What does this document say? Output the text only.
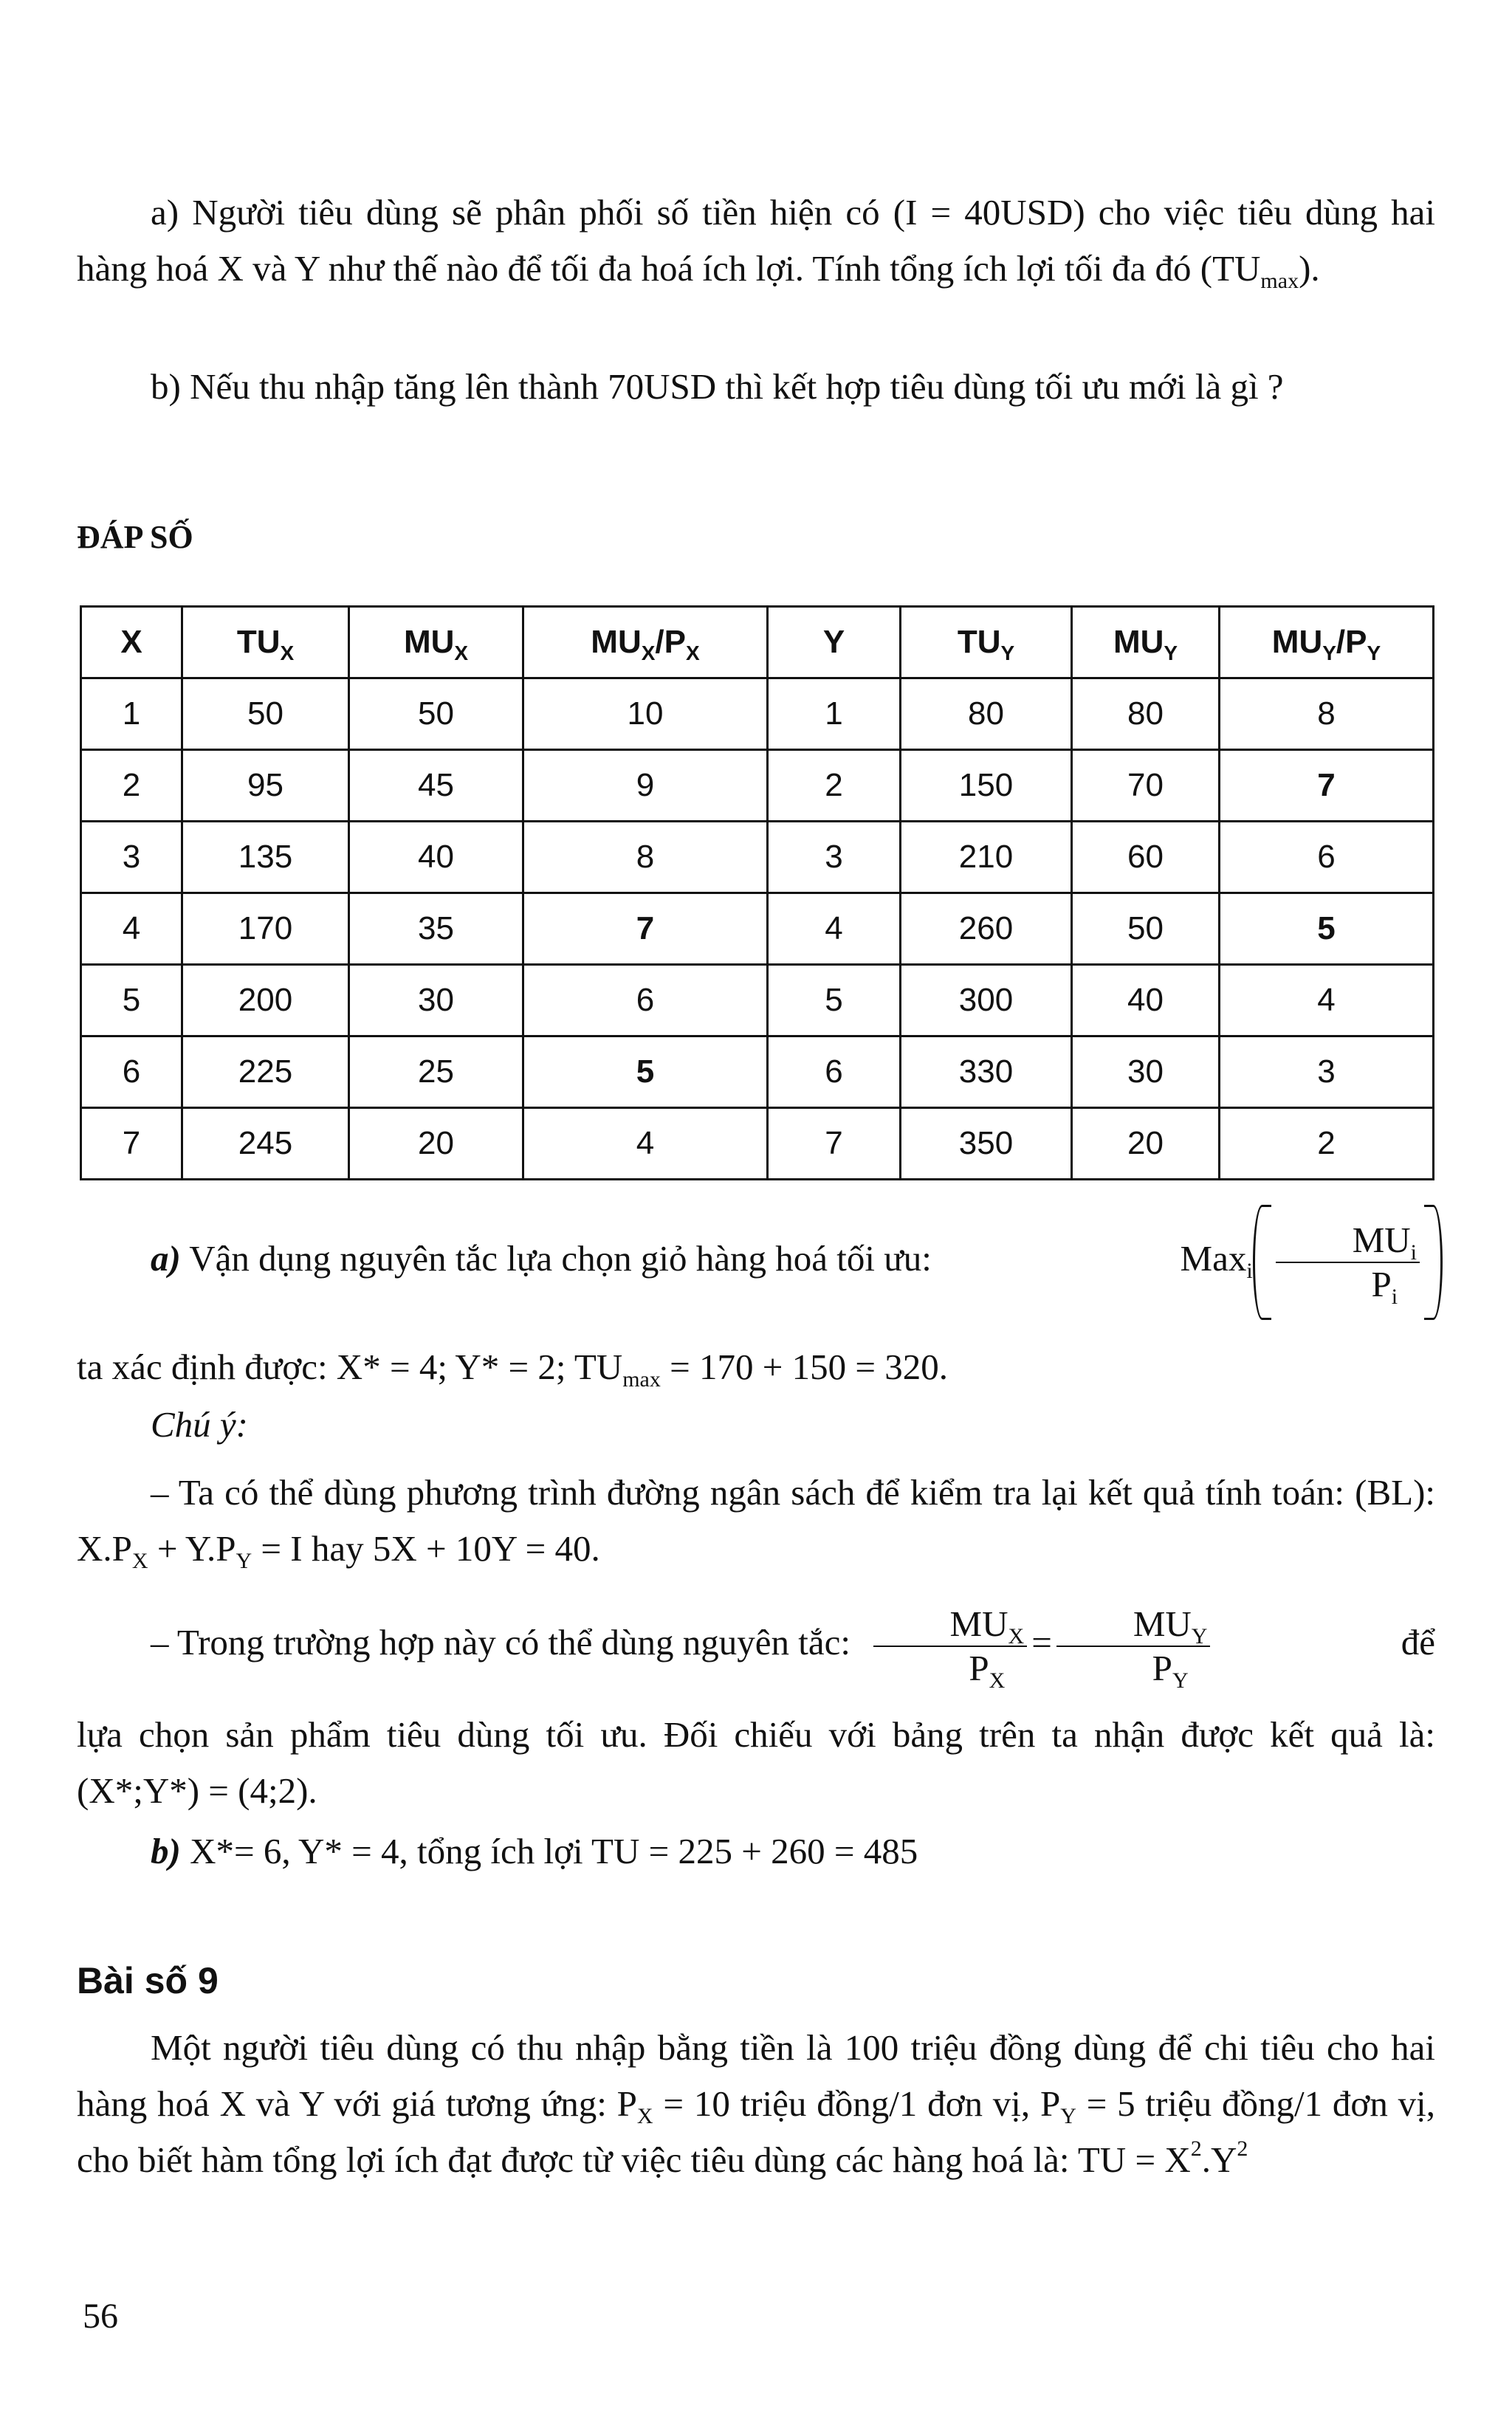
a) Người tiêu dùng sẽ phân phối số tiền hiện có (I = 40USD) cho việc tiêu dùng hai hàng hoá X và Y như thế nào để tối đa hoá ích lợi. Tính tổng ích lợi tối đa đó $(TU_{max})$.

b) Nếu thu nhập tăng lên thành 70USD thì kết hợp tiêu dùng tối ưu mới là gì ?

ĐÁP SỐ

X	$TU_X$	$MU_X$	$MU_X/P_X$	Y	$TU_Y$	$MU_Y$	$MU_Y/P_Y$
1	50	50	10	1	80	80	8
2	95	45	9	2	150	70	7
3	135	40	8	3	210	60	6
4	170	35	7	4	260	50	5
5	200	30	6	5	300	40	4
6	225	25	5	6	330	30	3
7	245	20	4	7	350	20	2

a) Vận dụng nguyên tắc lựa chọn giỏ hàng hoá tối ưu:	$Max_i \frac{MU_i}{P_i}$

ta xác định được: X* = 4; Y* = 2; $TU_{max} = 170 + 150 = 320$.

Chú ý:

– Ta có thể dùng phương trình đường ngân sách để kiểm tra lại kết quả tính toán: (BL): $X.P_X + Y.P_Y = I$ hay 5X + 10Y = 40.

– Trong trường hợp này có thể dùng nguyên tắc: $\frac{MU_X}{P_X} = \frac{MU_Y}{P_Y}$	để

lựa chọn sản phẩm tiêu dùng tối ưu. Đối chiếu với bảng trên ta nhận được kết quả là: (X*;Y*) = (4;2).

b) X*= 6, Y* = 4, tổng ích lợi TU = 225 + 260 = 485

Bài số 9

Một người tiêu dùng có thu nhập bằng tiền là 100 triệu đồng dùng để chi tiêu cho hai hàng hoá X và Y với giá tương ứng: $P_X = 10$ triệu đồng/1 đơn vị, $P_Y = 5$ triệu đồng/1 đơn vị, cho biết hàm tổng lợi ích đạt được từ việc tiêu dùng các hàng hoá là: TU = $X^2.Y^2$

56
